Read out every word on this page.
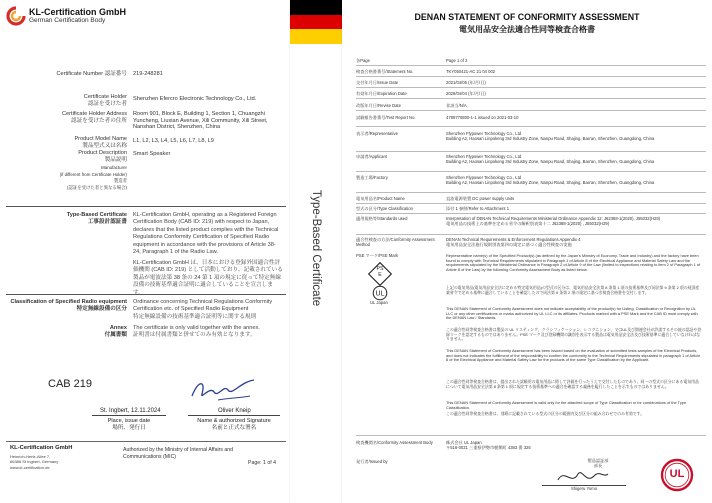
KL-Certification GmbH
German Certification Body
Certificate Number 認証番号 219-248281
Certificate Holder
認証を受けた者
Shenzhen Efercro Electronic Technology Co., Ltd.
Certificate Holder Address
認証を受けた者の住所
Room 901, Block E, Building 1, Section 1, Chuangzhi Yuncheng, Liuxian Avenue, Xili Community, Xili Street, Nanshan District, Shenzhen, China
Product Model Name
製品型式又は名称
L1, L2, L3, L4, L5, L6, L7, L8, L9
Product Description
製品説明
Smart Speaker
Manufacturer
(if different from Certificate Holder)
製造者
(認証を受けた者と異なる場合)
Type-Based Certificate
工事設計認証書
KL-Certification GmbH, operating as a Registered Foreign Certification Body (CAB ID: 219) with respect to Japan, declares that the listed product complies with the Technical Regulations Conformity Certification of Specified Radio equipment in accordance with the provisions of Article 38-24, Paragraph 1 of the Radio Law.
KL-Certification GmbH は、日本における登録外国適合性評価機関 (CAB ID: 219) として活動しており、記載されている製品が電波法第 38 条の 24 第 1 項の規定に従って特定無線設備の技術基準適合証明に適合していることを宣言します。
Classification of Specified Radio equipment
特定無線設備の区分
Ordinance concerning Technical Regulations Conformity Certification etc. of Specified Radio Equipment
特定無線設備の技術基準適合証明等に関する規則
Annex
付属書類
The certificate is only valid together with the annex.
証明書は付属書類と併せてのみ有効となります。
CAB 219
St. Ingbert, 12.11.2024
Place, issue date
場所、発行日
Oliver Kneip
Name & authorized Signature
名前と正式な署名
KL-Certification GmbH
Heinrich-Hertz-Allee 7,
66386 St Ingbert, Germany
www.kl-certification.de
Authorized by the Ministry of Internal Affairs and
Communications (MIC)
Page: 1 of 4
Type-Based Certificate
DENAN STATEMENT OF CONFORMITY ASSESSMENT
電気用品安全法適合性同等検査合格書
各Page	Page 1 of 2
検査合格書番号/Statement No.	TKY050421-AC 21 04 002
交付年月日/Issue Date	2021/04/05 (年/月/日)
有効年月日/Expiration Date	2026/04/04 (年/月/日)
改版年月日/Revise Date	非該当/N/A
試験報告書番号/Test Report No.	4789770800-1-1 issued on 2021-03-10
表示者/Representative	Shenzhen Flypower Technology Co., Ltd
Building A2, Haosan Linpokeng 3rd Industry Zone, Nanpu Road, Shajing, Bao'an, Shenzhen, Guangdong, China
申請者/Applicant	Shenzhen Flypower Technology Co., Ltd
Building A2, Haosan Linpokeng 3rd Industry Zone, Nanpu Road, Shajing, Bao'an, Shenzhen, Guangdong, China
製造工場/Factory	Shenzhen Flypower Technology Co., Ltd
Building A2, Haosan Linpokeng 3rd Industry Zone, Nanpu Road, Shajing, Bao'an, Shenzhen, Guangdong, China
電気用品名/Product Name	直流電源装置 DC power supply units
型式の区分/Type Classification	添付 1 参照/Refer to Attachment 1
適用規格等/Standards used	Interpretation of DENAN Technical Requirements Ministerial Ordinance Appendix 12: J62368-1(2020), J55032(H29)
電気用品の技術上の基準を定める省令の解釈別表第十二 J62368-1(2020) , J55032(H29)
適合性検査の方法/Conformity Assessment Method
DENAN Technical Requirements & Enforcement Regulations Appendix 4
電気用品安全法施行規則別表第四の規定に基づく適合性検査の実施
PSE マーク/PSE Mark
PS
E
UL
UL Japan
Representative name(s) of the Specified Product(s) (as defined by the Japan's Ministry of Economy, Trade and Industry) and the factory have been found to comply with Technical Requirements stipulated in Paragraph 1 of Article 8 of the Electrical Appliance and Material Safety Law and the requirements stipulated by the Ministerial Ordinance in Paragraph 2 of Article 9 of the Law (limited to inspections relating to item 2 of Paragraph 1 of Article 8 of the Law) by the following Conformity Assessment Body as listed below.
上記の電気用品(電気用品安全法に定める特定電気用品)の型式の区分は、電気用品安全法第 8 条第 1 項の技術基準及び同法第 9 条第 2 項の経済産業省令で定める基準に適合していることを確認したので同法第 9 条第 2 項の規定に基づき検査合格書を交付します。
This DENAN Statement of Conformity Assessment does not indicate acceptability of the product(s) for Listing, Classification or Recognition by UL LLC or any other certifications or marks authorized by UL LLC or its affiliates. Products marked with a PSE Mark and the CAB ID must comply with the DENAN Law / Standards.
この適合性同等検査合格書は製品の UL リスティング、クラシフィケーション、レコグニション、又はUL及び関連会社が許諾するその他の認証や登録マークを認定するものではありません。PSE マーク及び登録機関の識別を表示する製品は電気用品安全法及び技術基準に適合していなければなりません。
This DENAN Statement of Conformity Assessment has been issued based on the evaluation of submitted tests samples of the Electrical Products, and does not indicates the fulfillment of the responsibility to confirm the conformity to the Technical Requirements stipulated in paragraph 1 of Article 8 of the Electrical Appliance and Material Safety Law for the products of the same Type Classification by the Applicant.
この適合性同等検査合格書は、提出された試験用の電気用品に関して評価を行ったうえで交付したものであり、同一の型式の区分にある電気用品について電気用品安全法第 8 条第 1 項に規定する技術基準への適合を確認する義務を履行したことを示すものではありません。
This DENAN Statement of Conformity Assessment is valid only for the attached scope of Type Classification or for combinations of the Type Classification.
この適合性同等検査合格書は、別紙に記載されている型式の区分の範囲内及び区分の組み合わせでのみ有効です。
検査機関名/Conformity Assessment Body	株式会社 UL Japan
〒516-0021 三重県伊勢市朝熊町 4383 番 326
発行者/Issued by	製品認証部
部長
Shigeru Yomo
UL
